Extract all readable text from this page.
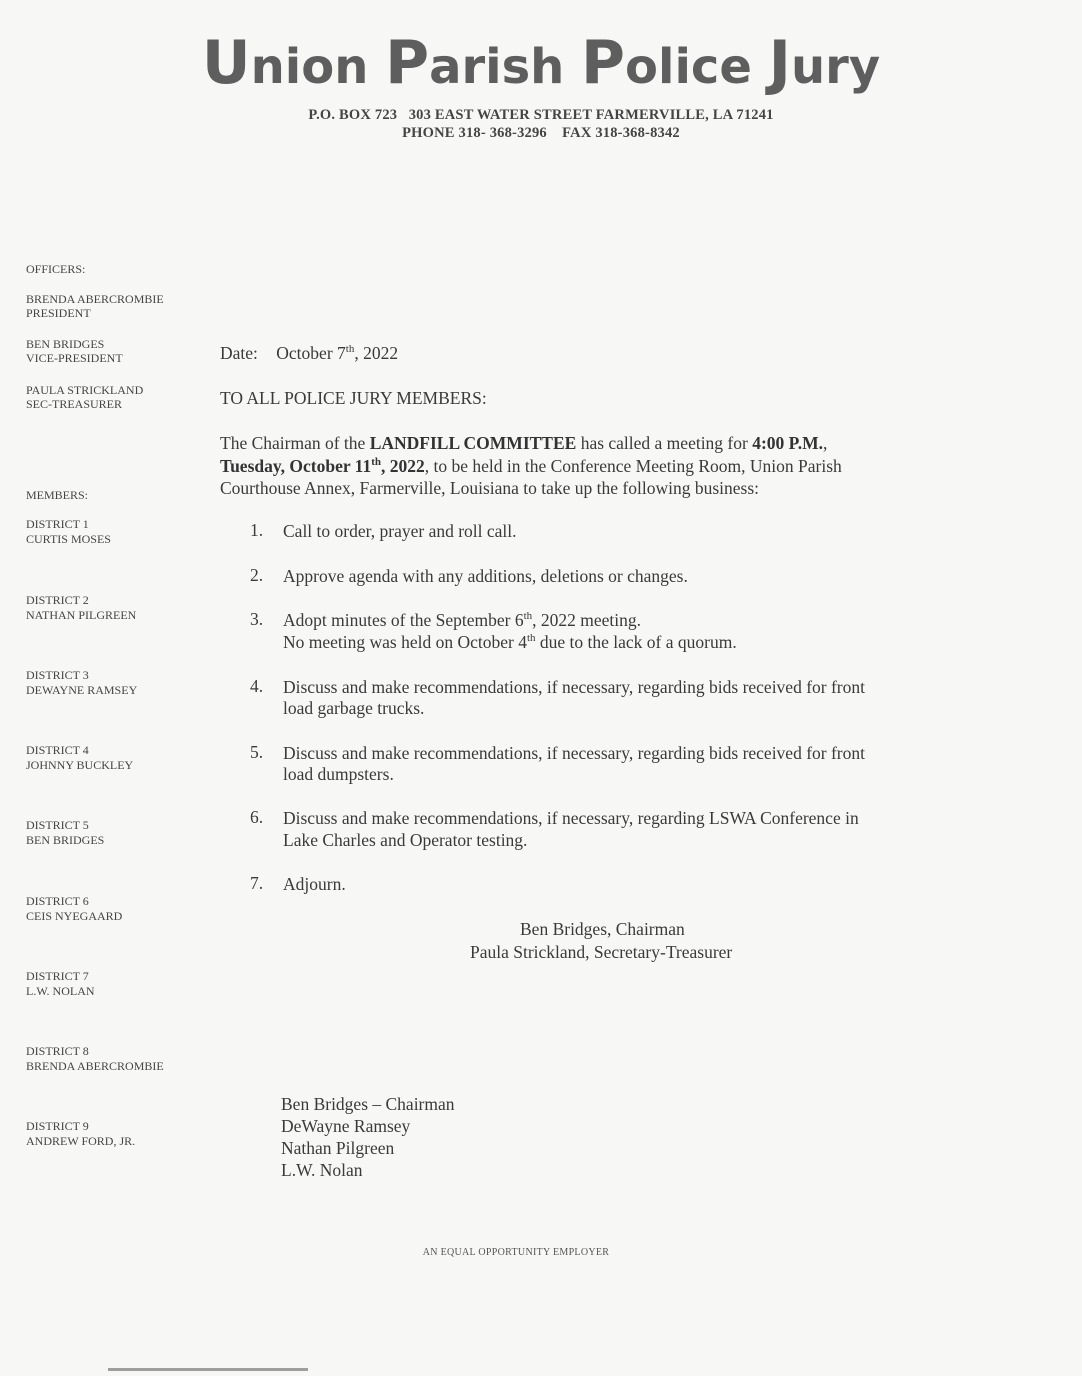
Union Parish Police Jury
P.O. BOX 723   303 EAST WATER STREET FARMERVILLE, LA 71241
PHONE 318- 368-3296    FAX 318-368-8342
OFFICERS:
BRENDA ABERCROMBIE
PRESIDENT
BEN BRIDGES
VICE-PRESIDENT
PAULA STRICKLAND
SEC-TREASURER
MEMBERS:
DISTRICT 1
CURTIS MOSES
DISTRICT 2
NATHAN PILGREEN
DISTRICT 3
DEWAYNE RAMSEY
DISTRICT 4
JOHNNY BUCKLEY
DISTRICT 5
BEN BRIDGES
DISTRICT 6
CEIS NYEGAARD
DISTRICT 7
L.W. NOLAN
DISTRICT 8
BRENDA ABERCROMBIE
DISTRICT 9
ANDREW FORD, JR.
Date: October 7th, 2022
TO ALL POLICE JURY MEMBERS:
The Chairman of the LANDFILL COMMITTEE has called a meeting for 4:00 P.M.,
Tuesday, October 11th, 2022, to be held in the Conference Meeting Room, Union Parish
Courthouse Annex, Farmerville, Louisiana to take up the following business:
1. Call to order, prayer and roll call.
2. Approve agenda with any additions, deletions or changes.
3. Adopt minutes of the September 6th, 2022 meeting.
No meeting was held on October 4th due to the lack of a quorum.
4. Discuss and make recommendations, if necessary, regarding bids received for front
load garbage trucks.
5. Discuss and make recommendations, if necessary, regarding bids received for front
load dumpsters.
6. Discuss and make recommendations, if necessary, regarding LSWA Conference in
Lake Charles and Operator testing.
7. Adjourn.
Ben Bridges, Chairman
Paula Strickland, Secretary-Treasurer
Ben Bridges – Chairman
DeWayne Ramsey
Nathan Pilgreen
L.W. Nolan
AN EQUAL OPPORTUNITY EMPLOYER
